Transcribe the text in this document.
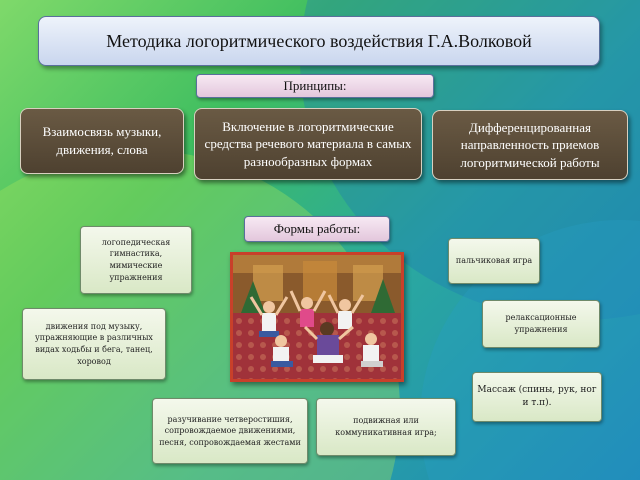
Методика логоритмического воздействия Г.А.Волковой
Принципы:
Взаимосвязь музыки, движения, слова
Включение в логоритмические средства речевого материала в самых разнообразных формах
Дифференцированная направленность приемов логоритмической работы
Формы работы:
логопедическая гимнастика, мимические упражнения
пальчиковая игра
движения под музыку, упражняющие в различных видах ходьбы и бега, танец, хоровод
релаксационные упражнения
Массаж (спины, рук, ног и т.п).
разучивание четверостишия, сопровождаемое движениями, песня, сопровождаемая жестами
подвижная или коммуникативная игра;
